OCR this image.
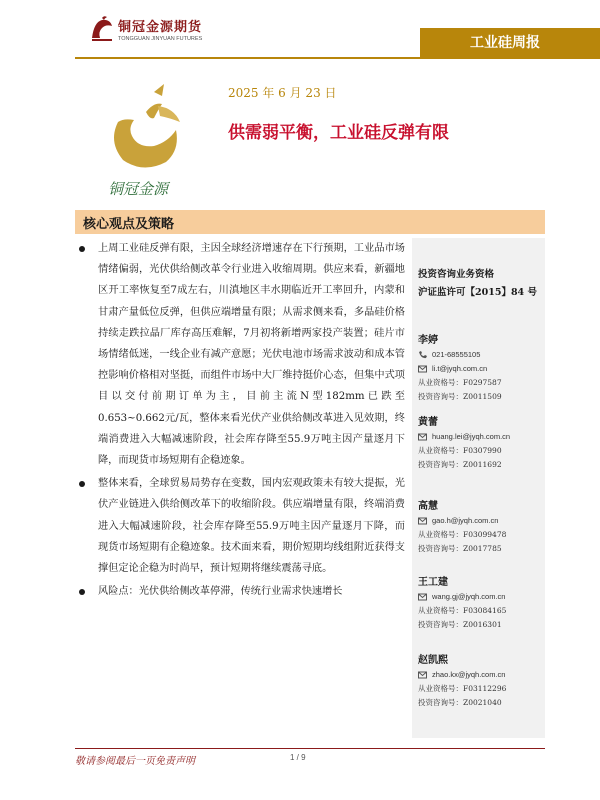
铜冠金源期货
TONGGUAN JINYUAN FUTURES	工业硅周报
铜冠金源
2025 年 6 月 23 日
供需弱平衡，工业硅反弹有限
核心观点及策略
上周工业硅反弹有限，主因全球经济增速存在下行预期，工业品市场情绪偏弱，光伏供给侧改革令行业进入收缩周期。供应来看，新疆地区开工率恢复至7成左右，川滇地区丰水期临近开工率回升，内蒙和甘肃产量低位反弹，但供应端增量有限；从需求侧来看，多晶硅价格持续走跌拉晶厂库存高压难解，7月初将新增两家投产装置；硅片市场情绪低迷，一线企业有减产意愿；光伏电池市场需求波动和成本管控影响价格相对坚挺，而组件市场中大厂维持挺价心态，但集中式项目以交付前期订单为主，目前主流N型182mm已跌至0.653~0.662元/瓦，整体来看光伏产业供给侧改革进入见效期，终端消费进入大幅减速阶段，社会库存降至55.9万吨主因产量逐月下降，而现货市场短期有企稳迹象。
整体来看，全球贸易局势存在变数，国内宏观政策未有较大提振，光伏产业链进入供给侧改革下的收缩阶段。供应端增量有限，终端消费进入大幅减速阶段，社会库存降至55.9万吨主因产量逐月下降，而现货市场短期有企稳迹象。技术面来看，期价短期均线组附近获得支撑但定论企稳为时尚早，预计短期将继续震荡寻底。
风险点：光伏供给侧改革停滞，传统行业需求快速增长
投资咨询业务资格
沪证监许可【2015】84 号
李婷
021-68555105
li.t@jyqh.com.cn
从业资格号：F0297587
投资咨询号：Z0011509
黄蕾
huang.lei@jyqh.com.cn
从业资格号：F0307990
投资咨询号：Z0011692
高慧
gao.h@jyqh.com.cn
从业资格号：F03099478
投资咨询号：Z0017785
王工建
wang.gj@jyqh.com.cn
从业资格号：F03084165
投资咨询号：Z0016301
赵凯熙
zhao.kx@jyqh.com.cn
从业资格号：F03112296
投资咨询号：Z0021040
敬请参阅最后一页免责声明	1 / 9
